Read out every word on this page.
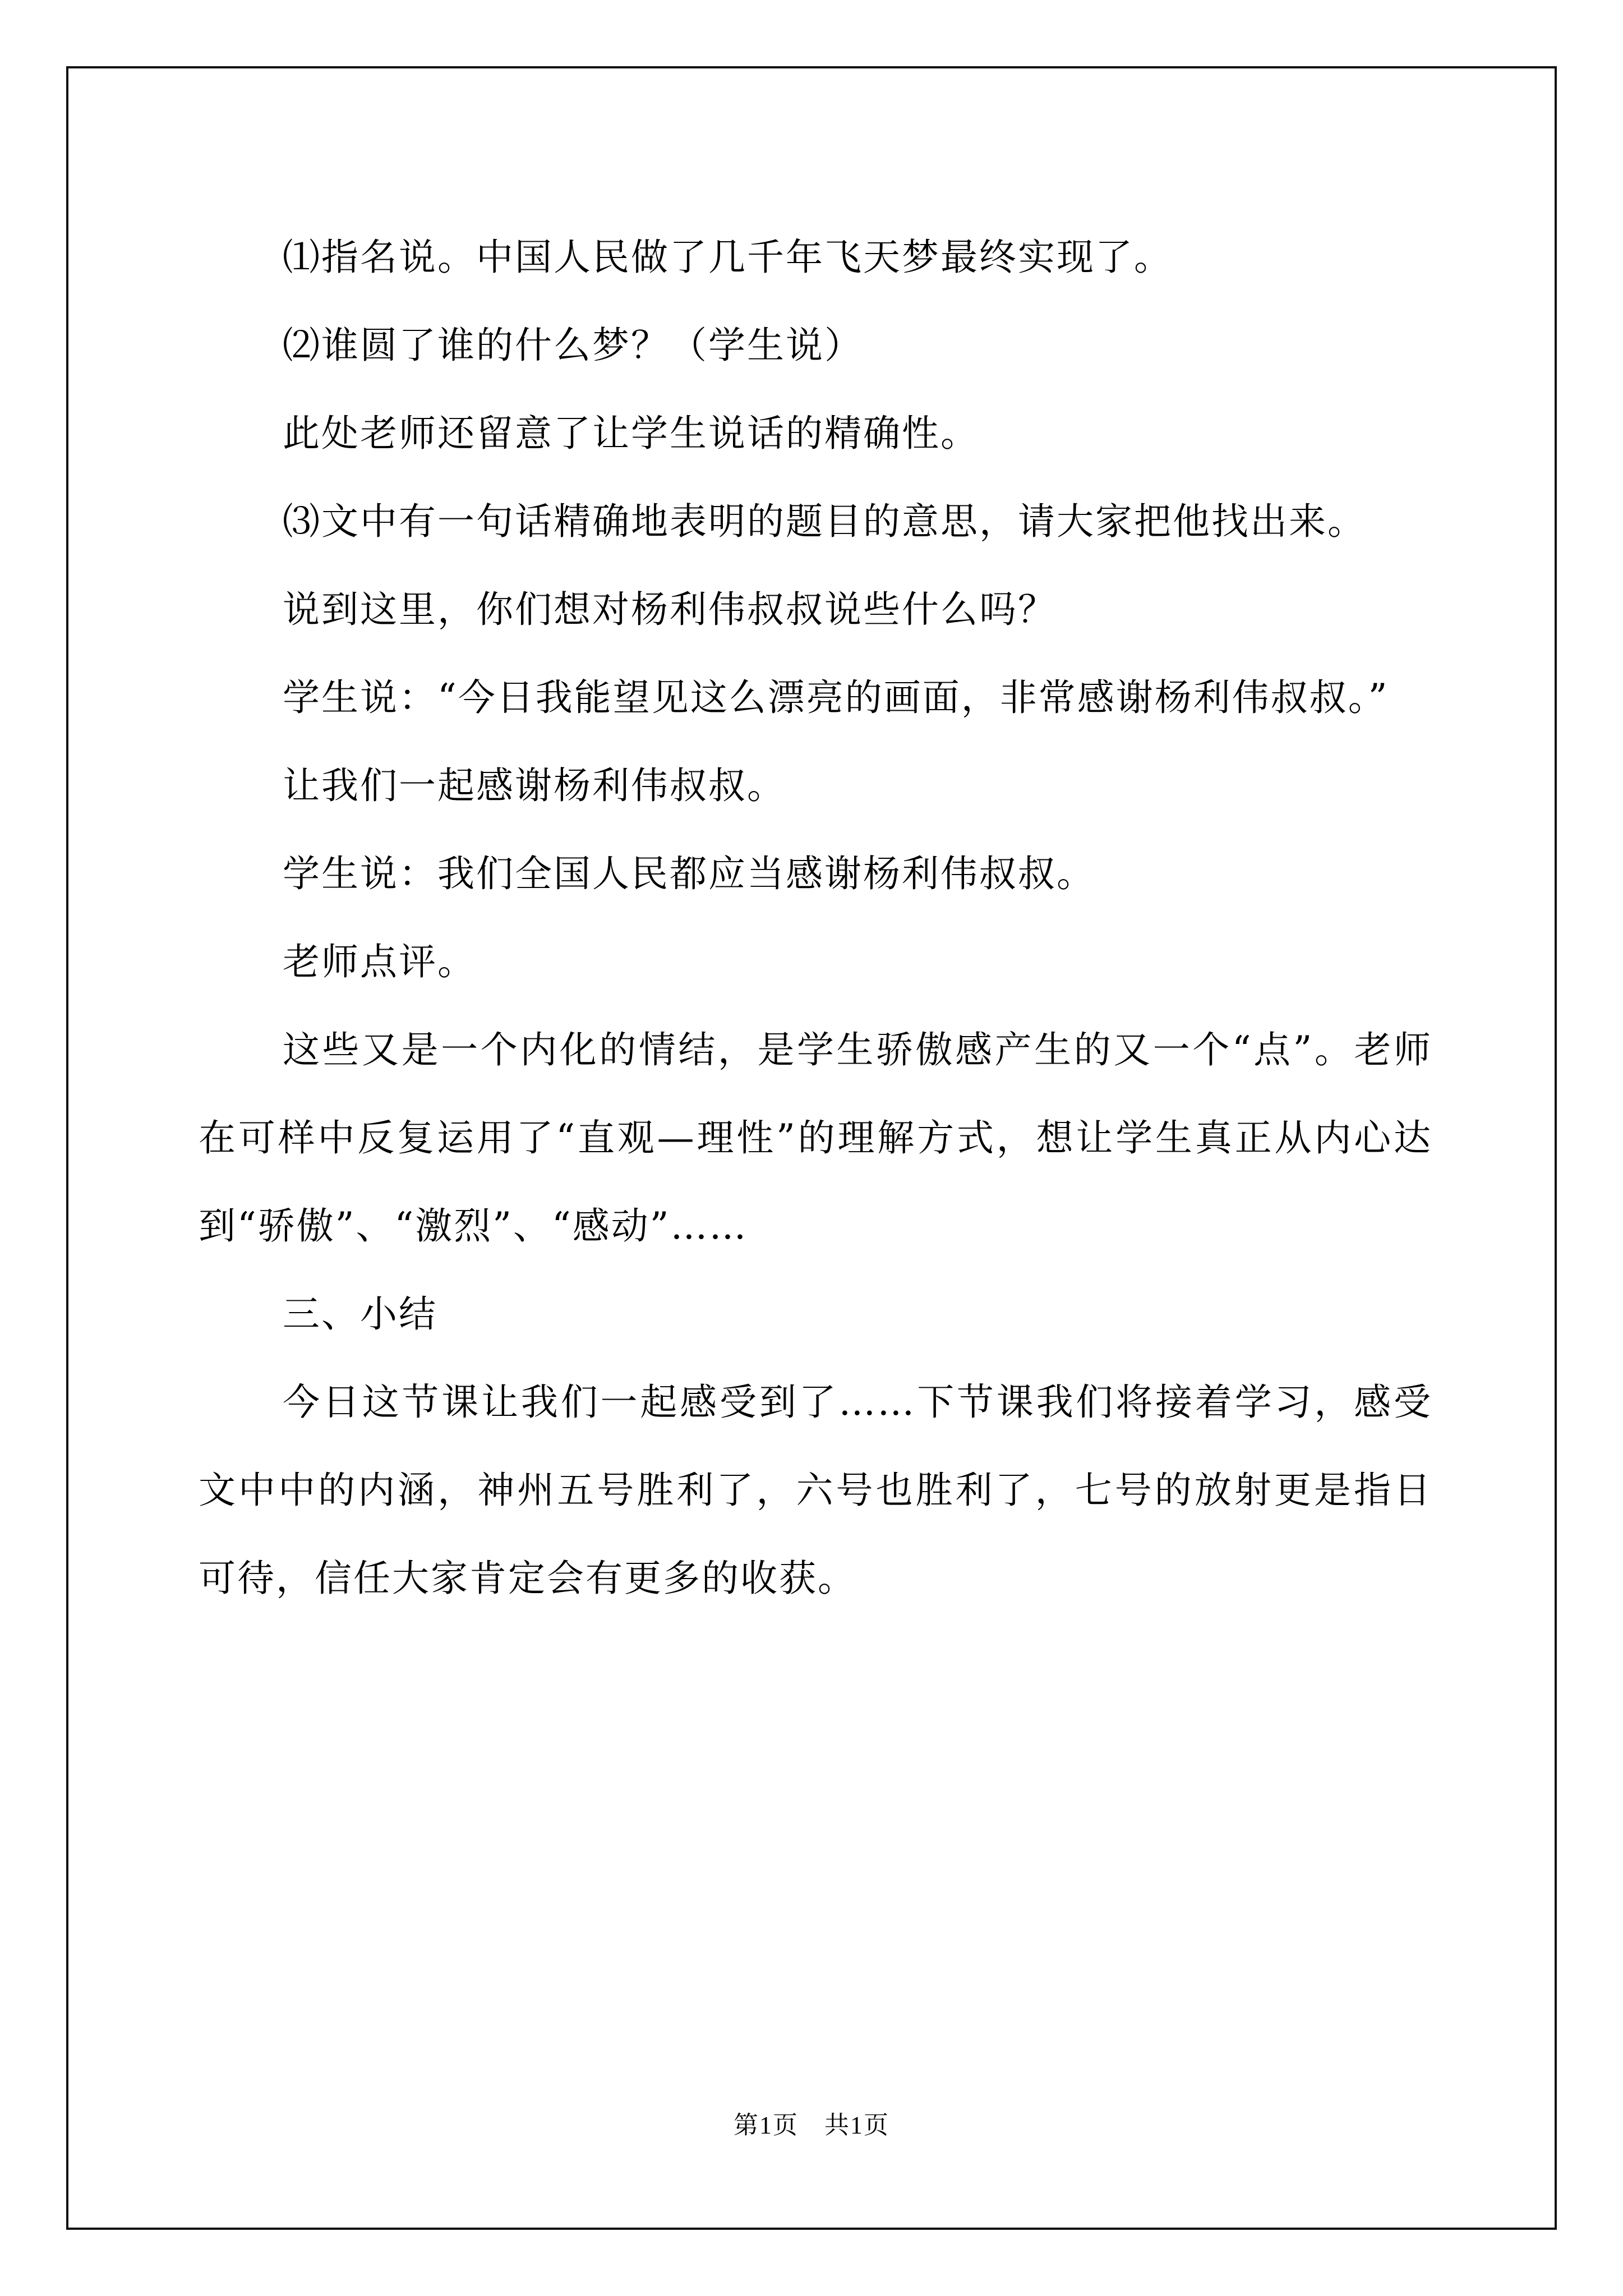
⑴指名说。中国人民做了几千年飞天梦最终实现了。

⑵谁圆了谁的什么梦？（学生说）

此处老师还留意了让学生说话的精确性。

⑶文中有一句话精确地表明的题目的意思，请大家把他找出来。

说到这里，你们想对杨利伟叔叔说些什么吗？

学生说：“今日我能望见这么漂亮的画面，非常感谢杨利伟叔叔。”

让我们一起感谢杨利伟叔叔。

学生说：我们全国人民都应当感谢杨利伟叔叔。

老师点评。

这些又是一个内化的情结，是学生骄傲感产生的又一个“点”。老师在可样中反复运用了“直观—理性”的理解方式，想让学生真正从内心达到“骄傲”、“激烈”、“感动”……

三、小结

今日这节课让我们一起感受到了……下节课我们将接着学习，感受文中中的内涵，神州五号胜利了，六号也胜利了，七号的放射更是指日可待，信任大家肯定会有更多的收获。

第1页　共1页
